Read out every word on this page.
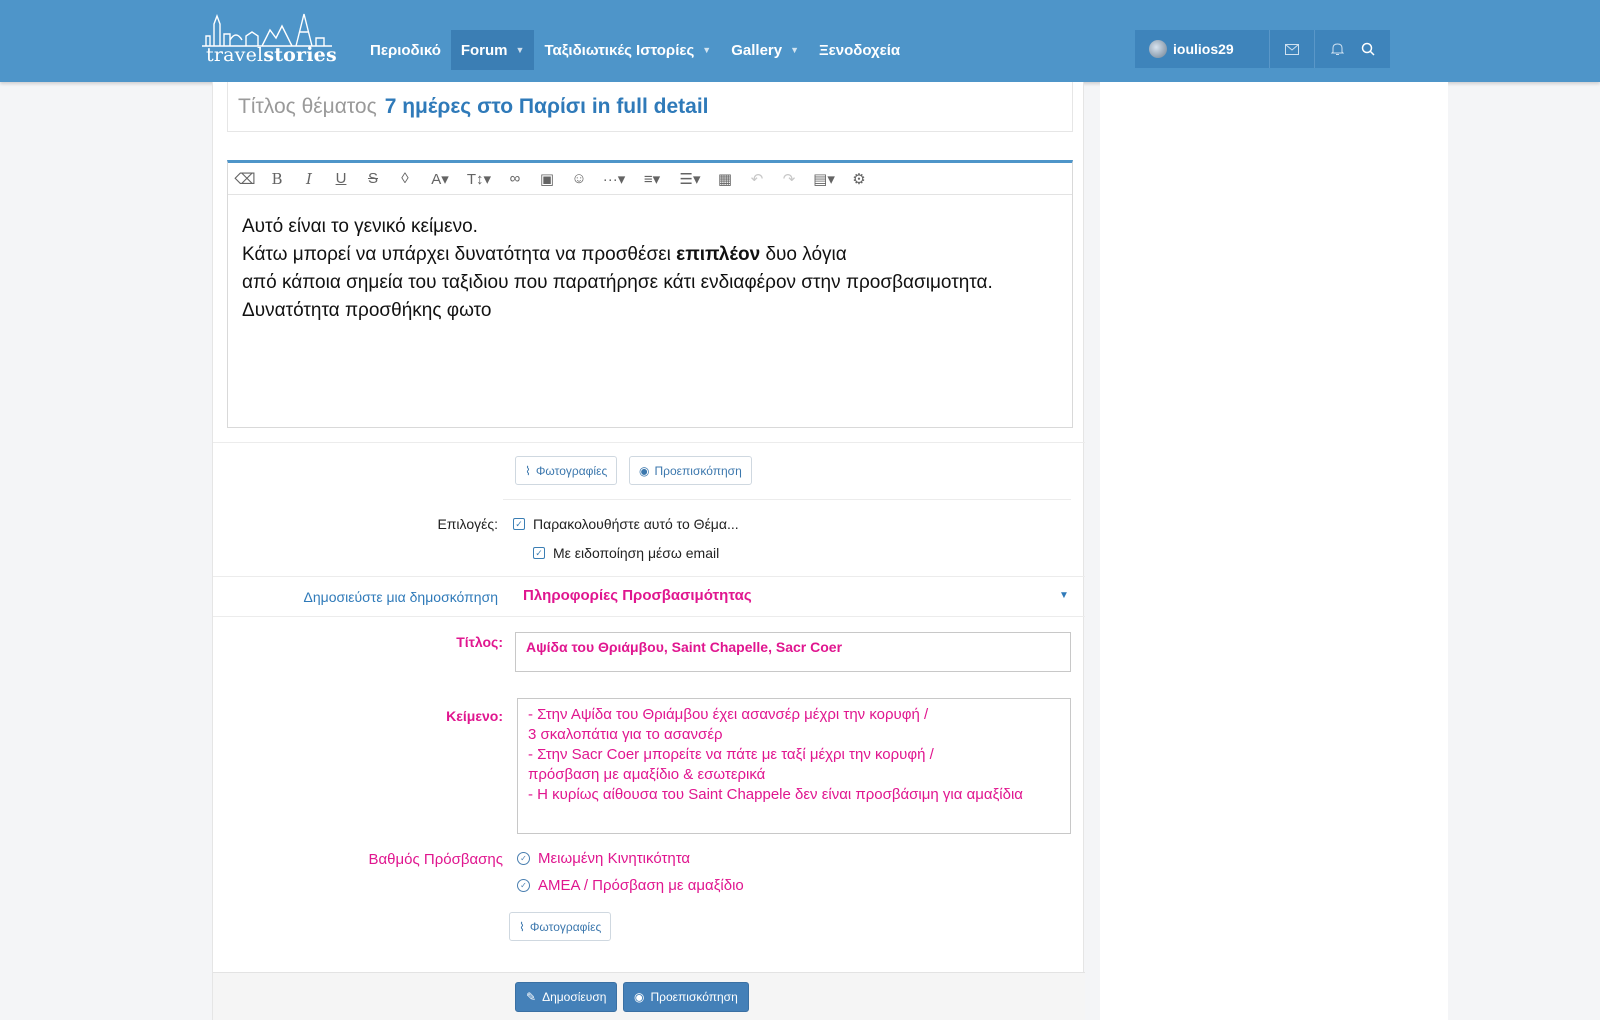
travelstories Περιοδικό Forum ▼ Ταξιδιωτικές Ιστορίες ▼ Gallery ▼ Ξενοδοχεία	ioulios29
Τίτλος θέματος 7 ημέρες στο Παρίσι in full detail
⌫ B	I	U S	◊	A▾ T↕▾ ∞ ▣ ☺ ···▾ ≡▾ ☰▾ ▦ ↶ ↷ ▤▾ ⚙
Αυτό είναι το γενικό κείμενο.
Κάτω μπορεί να υπάρχει δυνατότητα να προσθέσει επιπλέον δυο λόγια
από κάποια σημεία του ταξιδιου που παρατήρησε κάτι ενδιαφέρον στην προσβασιμοτητα.
Δυνατότητα προσθήκης φωτο
⌇ Φωτογραφίες	◉ Προεπισκόπηση
Επιλογές: ✓ Παρακολουθήστε αυτό το Θέμα...
✓ Με ειδοποίηση μέσω email
Δημοσιεύστε μια δημοσκόπηση Πληροφορίες Προσβασιμότητας	▼
Τίτλος:	Αψίδα του Θριάμβου, Saint Chapelle, Sacr Coer
Κείμενο: - Στην Αψίδα του Θριάμβου έχει ασανσέρ μέχρι την κορυφή /
3 σκαλοπάτια για το ασανσέρ
- Στην Sacr Coer μπορείτε να πάτε με ταξί μέχρι την κορυφή /
πρόσβαση με αμαξίδιο & εσωτερικά
- Η κυρίως αίθουσα του Saint Chappele δεν είναι προσβάσιμη για αμαξίδια
Βαθμός Πρόσβασης	✓ Μειωμένη Κινητικότητα
✓ ΑΜΕΑ / Πρόσβαση με αμαξίδιο
⌇ Φωτογραφίες
✎ Δημοσίευση ◉ Προεπισκόπηση
